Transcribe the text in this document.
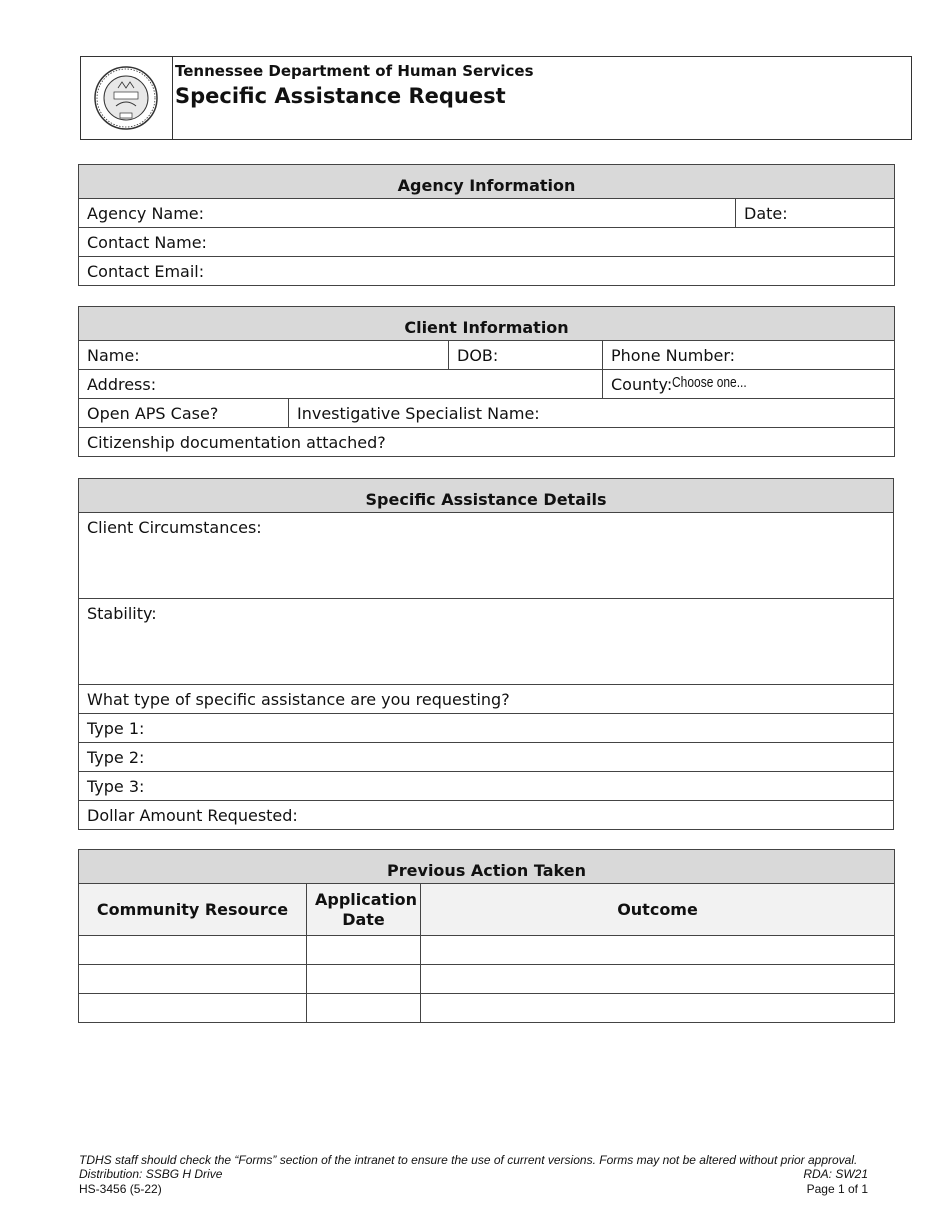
Tennessee Department of Human Services
Specific Assistance Request
Agency Information
Agency Name:	Date:
Contact Name:
Contact Email:
Client Information			
Name:		DOB:	Phone Number:
Address:			County:Choose one...
Open APS Case?	Investigative Specialist Name:		
Citizenship documentation attached?			
Specific Assistance Details
Client Circumstances:
Stability:
What type of specific assistance are you requesting?
Type 1:
Type 2:
Type 3:
Dollar Amount Requested:
Previous Action Taken		
Community Resource	Application Date	Outcome

TDHS staff should check the “Forms” section of the intranet to ensure the use of current versions. Forms may not be altered without prior approval.
Distribution: SSBG H Drive	RDA: SW21
HS-3456 (5-22)	Page 1 of 1
